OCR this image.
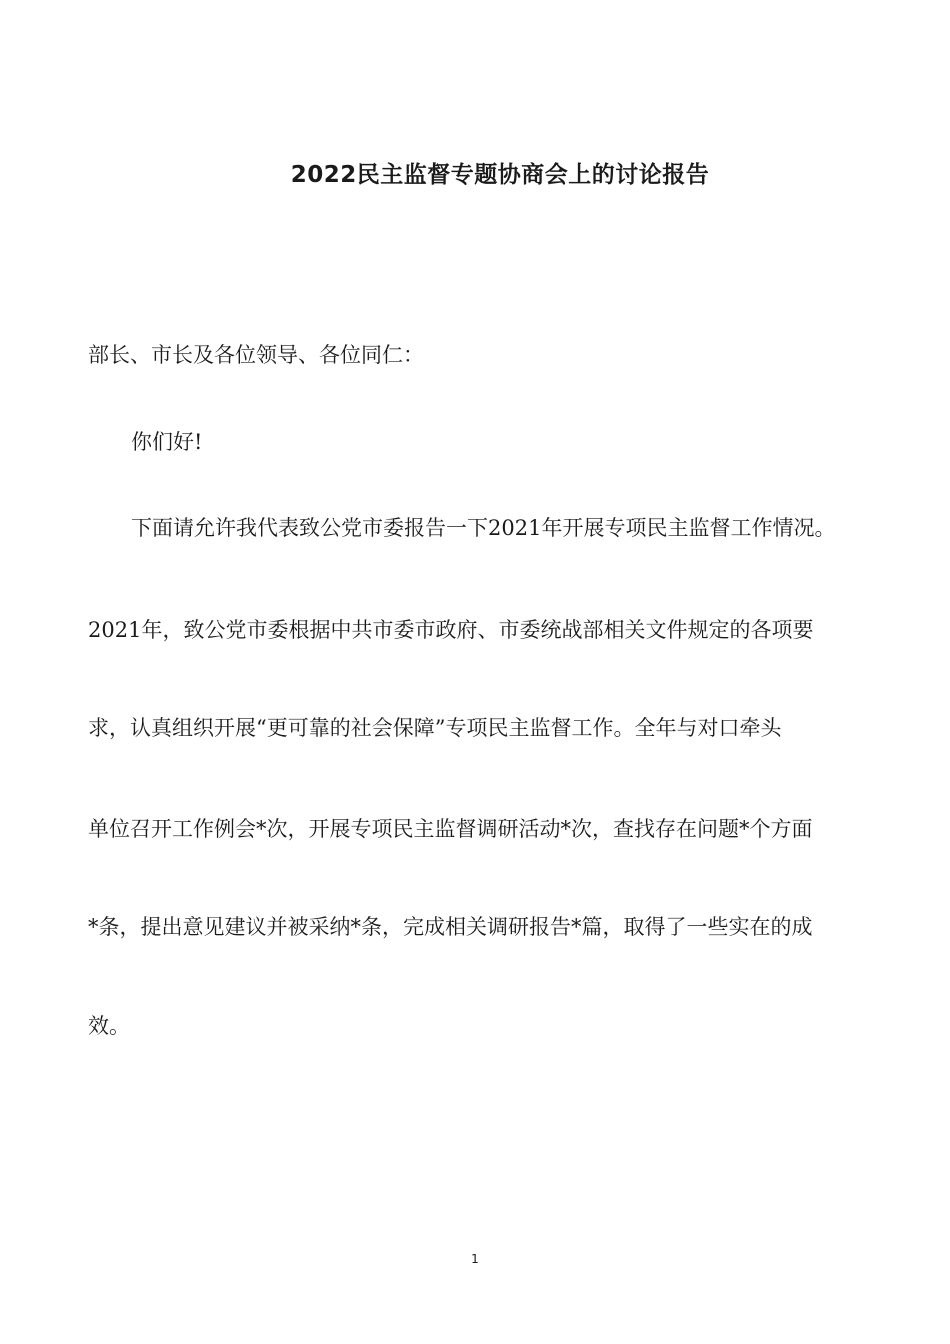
2022民主监督专题协商会上的讨论报告
部长、市长及各位领导、各位同仁：
你们好!
下面请允许我代表致公党市委报告一下2021年开展专项民主监督工作情况。
2021年，致公党市委根据中共市委市政府、市委统战部相关文件规定的各项要
求，认真组织开展“更可靠的社会保障”专项民主监督工作。全年与对口牵头
单位召开工作例会*次，开展专项民主监督调研活动*次，查找存在问题*个方面
*条，提出意见建议并被采纳*条，完成相关调研报告*篇，取得了一些实在的成
效。
1
